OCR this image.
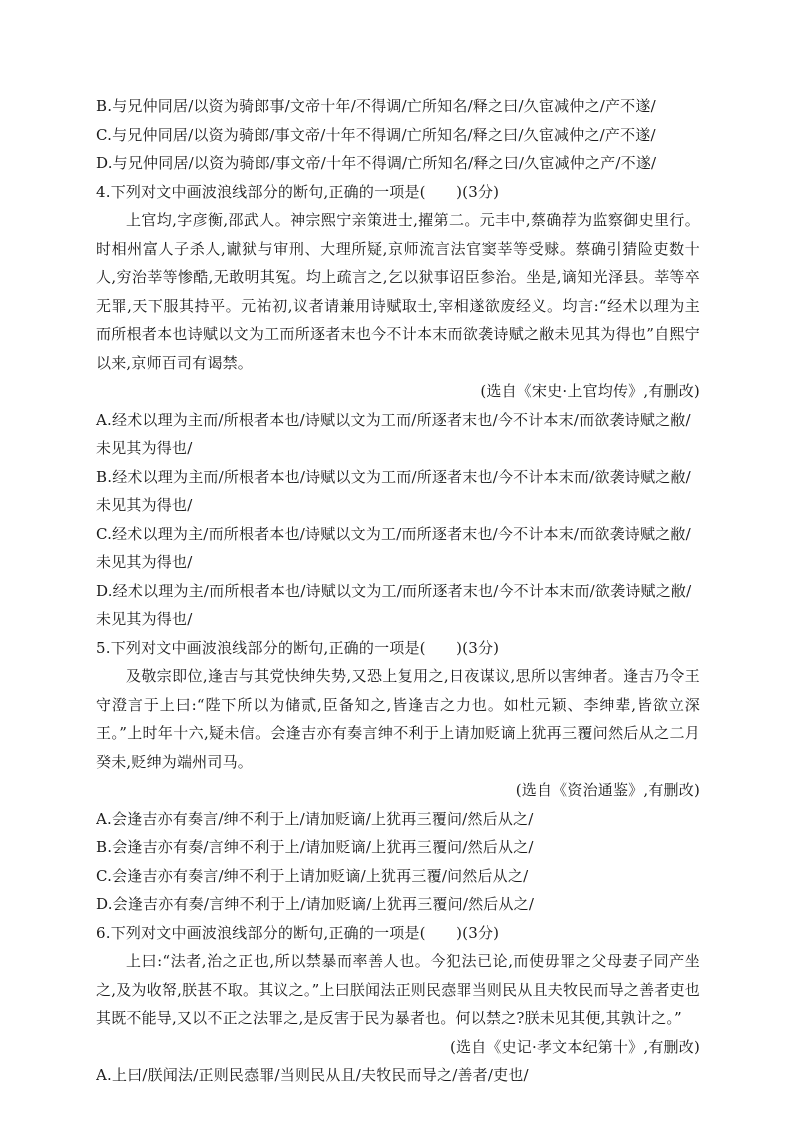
B.与兄仲同居/以资为骑郎事/文帝十年/不得调/亡所知名/释之曰/久宦减仲之/产不遂/
C.与兄仲同居/以资为骑郎/事文帝/十年不得调/亡所知名/释之曰/久宦减仲之/产不遂/
D.与兄仲同居/以资为骑郎/事文帝/十年不得调/亡所知名/释之曰/久宦减仲之产/不遂/
4.下列对文中画波浪线部分的断句,正确的一项是(　　)(3分)
上官均,字彦衡,邵武人。神宗熙宁亲策进士,擢第二。元丰中,蔡确荐为监察御史里行。时相州富人子杀人,谳狱与审刑、大理所疑,京师流言法官窦莘等受赇。蔡确引猜险吏数十人,穷治莘等惨酷,无敢明其冤。均上疏言之,乞以狱事诏臣参治。坐是,谪知光泽县。莘等卒无罪,天下服其持平。元祐初,议者请兼用诗赋取士,宰相遂欲废经义。均言:“经术以理为主而所根者本也诗赋以文为工而所逐者末也今不计本末而欲袭诗赋之敝未见其为得也”自熙宁以来,京师百司有谒禁。
(选自《宋史·上官均传》,有删改)
A.经术以理为主而/所根者本也/诗赋以文为工而/所逐者末也/今不计本末/而欲袭诗赋之敝/未见其为得也/
B.经术以理为主而/所根者本也/诗赋以文为工而/所逐者末也/今不计本末而/欲袭诗赋之敝/未见其为得也/
C.经术以理为主/而所根者本也/诗赋以文为工/而所逐者末也/今不计本末/而欲袭诗赋之敝/未见其为得也/
D.经术以理为主/而所根者本也/诗赋以文为工/而所逐者末也/今不计本末而/欲袭诗赋之敝/未见其为得也/
5.下列对文中画波浪线部分的断句,正确的一项是(　　)(3分)
及敬宗即位,逢吉与其党快绅失势,又恐上复用之,日夜谋议,思所以害绅者。逢吉乃令王守澄言于上曰:“陛下所以为储贰,臣备知之,皆逢吉之力也。如杜元颖、李绅辈,皆欲立深王。”上时年十六,疑未信。会逢吉亦有奏言绅不利于上请加贬谪上犹再三覆问然后从之二月癸未,贬绅为端州司马。
(选自《资治通鉴》,有删改)
A.会逢吉亦有奏言/绅不利于上/请加贬谪/上犹再三覆问/然后从之/
B.会逢吉亦有奏/言绅不利于上/请加贬谪/上犹再三覆问/然后从之/
C.会逢吉亦有奏言/绅不利于上请加贬谪/上犹再三覆/问然后从之/
D.会逢吉亦有奏/言绅不利于上/请加贬谪/上犹再三覆问/然后从之/
6.下列对文中画波浪线部分的断句,正确的一项是(　　)(3分)
上曰:“法者,治之正也,所以禁暴而率善人也。今犯法已论,而使毋罪之父母妻子同产坐之,及为收帑,朕甚不取。其议之。”上曰朕闻法正则民悫罪当则民从且夫牧民而导之善者吏也其既不能导,又以不正之法罪之,是反害于民为暴者也。何以禁之?朕未见其便,其孰计之。”
(选自《史记·孝文本纪第十》,有删改)
A.上曰/朕闻法/正则民悫罪/当则民从且/夫牧民而导之/善者/吏也/
